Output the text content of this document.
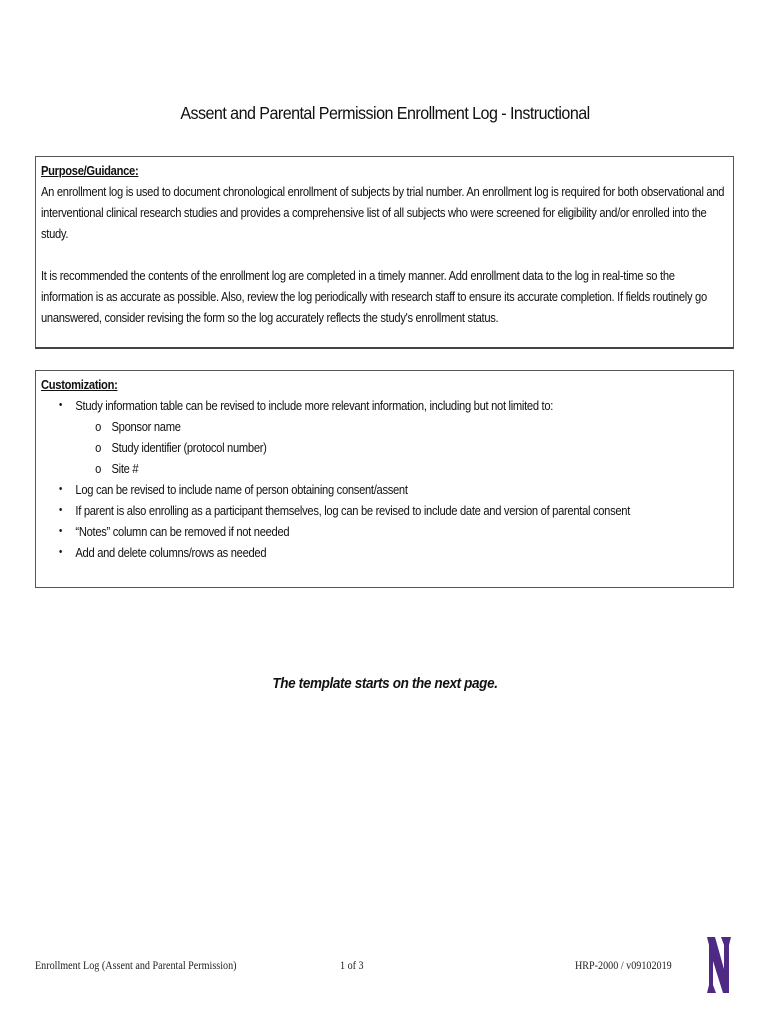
Assent and Parental Permission Enrollment Log - Instructional
Purpose/Guidance:

An enrollment log is used to document chronological enrollment of subjects by trial number. An enrollment log is required for both observational and interventional clinical research studies and provides a comprehensive list of all subjects who were screened for eligibility and/or enrolled into the study.

It is recommended the contents of the enrollment log are completed in a timely manner. Add enrollment data to the log in real-time so the information is as accurate as possible. Also, review the log periodically with research staff to ensure its accurate completion. If fields routinely go unanswered, consider revising the form so the log accurately reflects the study's enrollment status.

Customization:
• Study information table can be revised to include more relevant information, including but not limited to:
o Sponsor name
o Study identifier (protocol number)
o Site #
• Log can be revised to include name of person obtaining consent/assent
• If parent is also enrolling as a participant themselves, log can be revised to include date and version of parental consent
• “Notes” column can be removed if not needed
• Add and delete columns/rows as needed
The template starts on the next page.
Enrollment Log (Assent and Parental Permission)	1 of 3	HRP-2000 / v09102019
